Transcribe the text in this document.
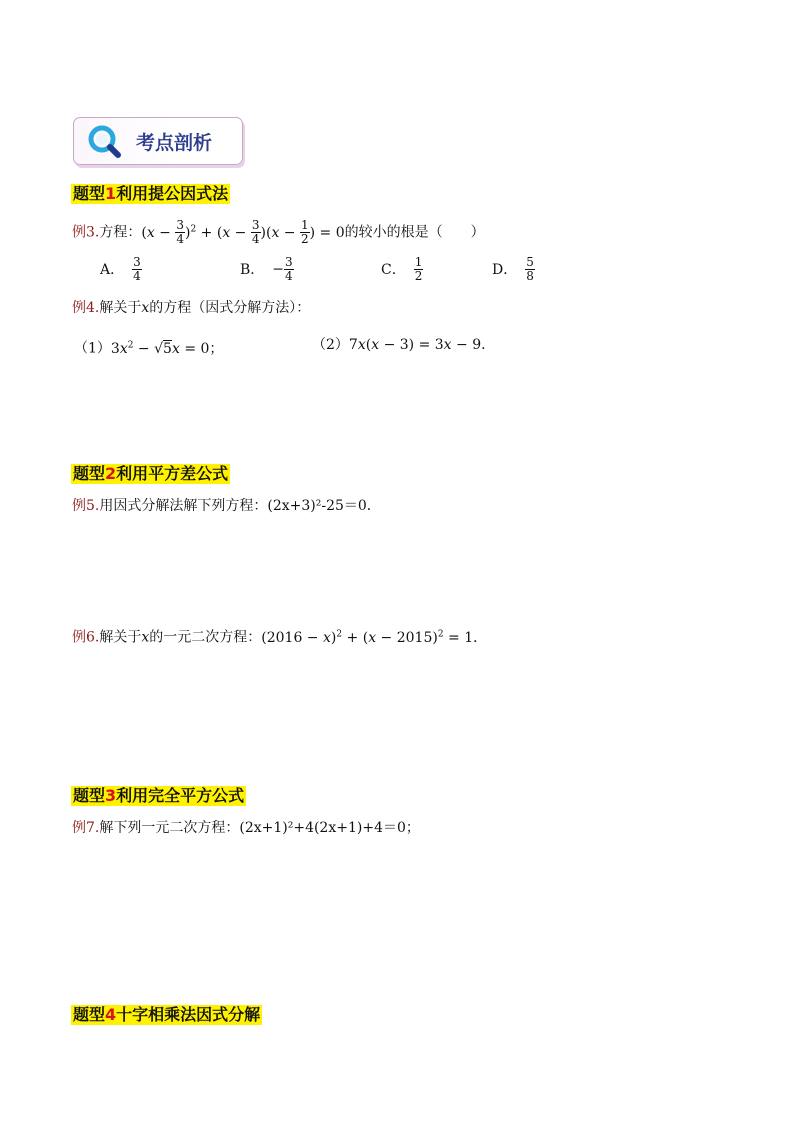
考点剖析
题型1利用提公因式法
例3.方程：$(x - \frac{3}{4} )^2 + (x - \frac{3}{4} )(x - \frac{1}{2}$ ) = 0的较小的根是（　　）
A． $\frac{3}{4}$	B． − $\frac{3}{4}$	C． $\frac{1}{2}$	D． $\frac{5}{8}$
例4.解关于x的方程（因式分解方法）：
$(1)3x^2 - √5x = 0$；	（2）7x(x − 3) = 3x − 9．
题型2利用平方差公式
例5.用因式分解法解下列方程：(2x+3)²-25＝0．
例6.解关于x的一元二次方程：$(2016 - x)^2 + (x - 2015)^2 = 1$．
题型3利用完全平方公式
例7.解下列一元二次方程：(2x+1)²+4(2x+1)+4＝0；
题型4十字相乘法因式分解
